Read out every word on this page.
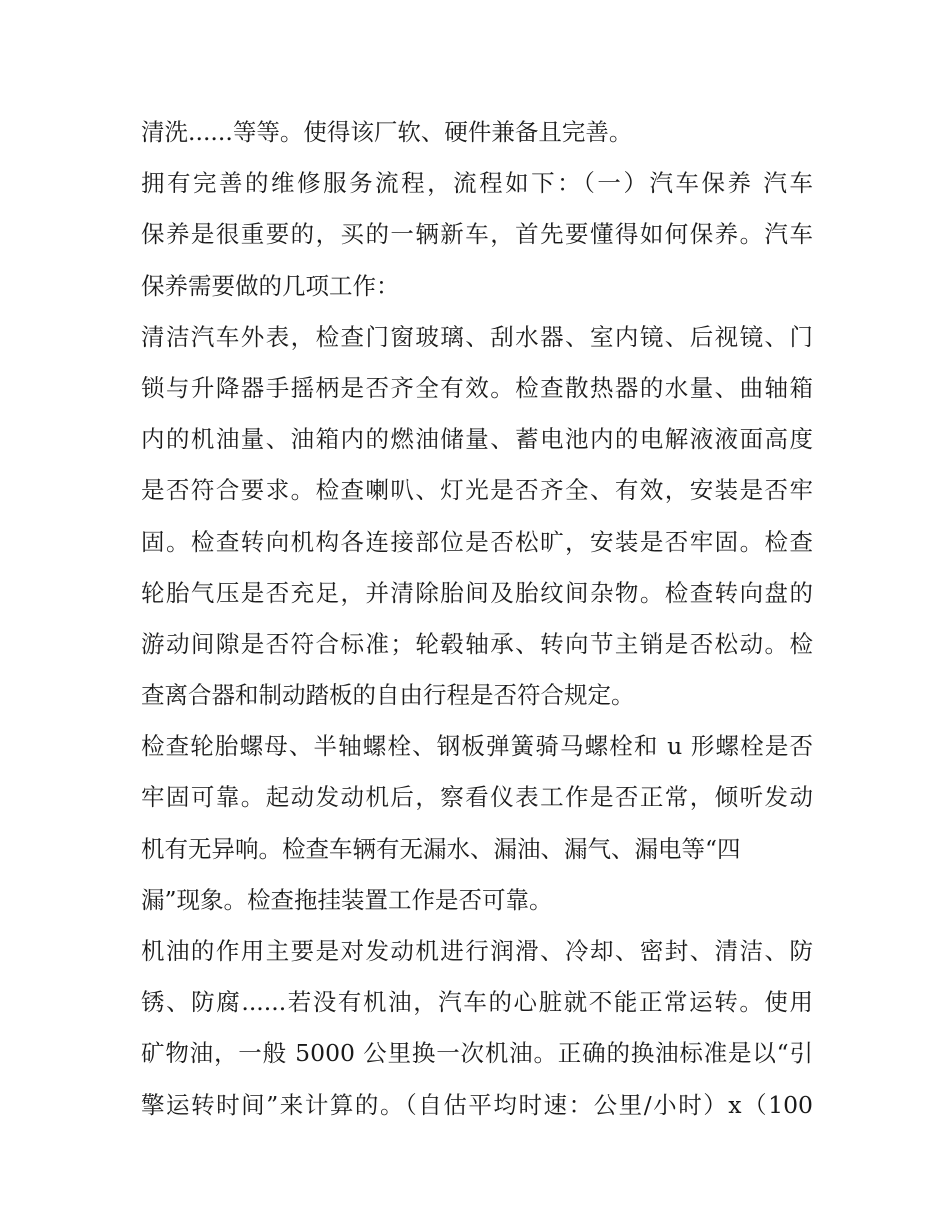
清洗......等等。使得该厂软、硬件兼备且完善。
拥有完善的维修服务流程，流程如下：（一）汽车保养 汽车
保养是很重要的，买的一辆新车，首先要懂得如何保养。汽车
保养需要做的几项工作：
清洁汽车外表，检查门窗玻璃、刮水器、室内镜、后视镜、门
锁与升降器手摇柄是否齐全有效。检查散热器的水量、曲轴箱
内的机油量、油箱内的燃油储量、蓄电池内的电解液液面高度
是否符合要求。检查喇叭、灯光是否齐全、有效，安装是否牢
固。检查转向机构各连接部位是否松旷，安装是否牢固。检查
轮胎气压是否充足，并清除胎间及胎纹间杂物。检查转向盘的
游动间隙是否符合标准；轮毂轴承、转向节主销是否松动。检
查离合器和制动踏板的自由行程是否符合规定。
检查轮胎螺母、半轴螺栓、钢板弹簧骑马螺栓和 u 形螺栓是否
牢固可靠。起动发动机后，察看仪表工作是否正常，倾听发动
机有无异响。检查车辆有无漏水、漏油、漏气、漏电等“四
漏”现象。检查拖挂装置工作是否可靠。
机油的作用主要是对发动机进行润滑、冷却、密封、清洁、防
锈、防腐......若没有机油，汽车的心脏就不能正常运转。使用
矿物油，一般 5000 公里换一次机油。正确的换油标准是以“引
擎运转时间”来计算的。（自估平均时速：公里/小时）x（100
